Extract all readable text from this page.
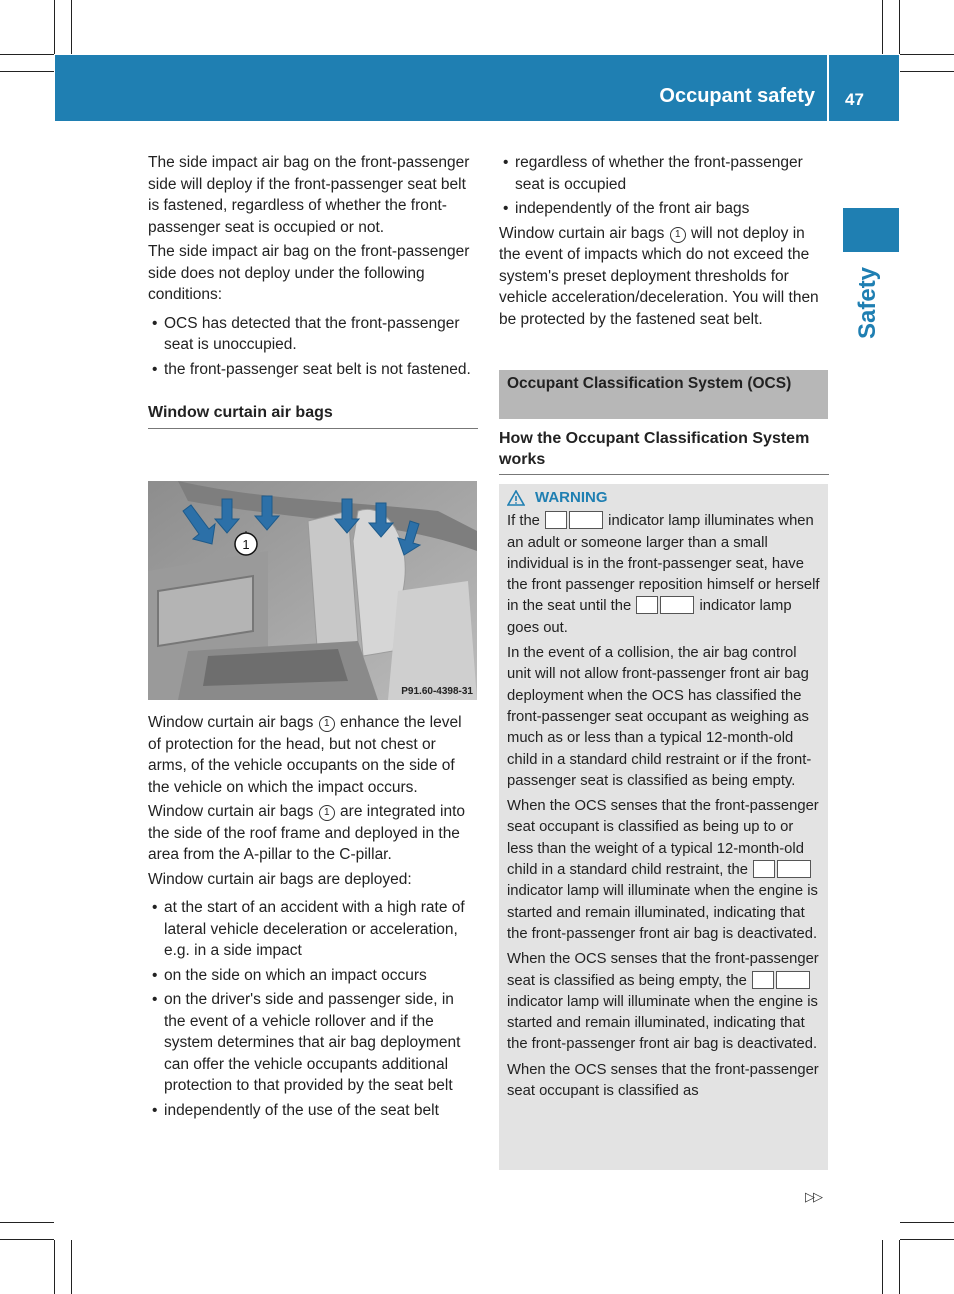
Occupant safety 47
Safety

The side impact air bag on the front-passenger side will deploy if the front-passenger seat belt is fastened, regardless of whether the front-passenger seat is occupied or not.

The side impact air bag on the front-passenger side does not deploy under the following conditions:

• OCS has detected that the front-passenger seat is unoccupied.
• the front-passenger seat belt is not fastened.
Window curtain air bags
1
P91.60-4398-31

Window curtain air bags 1 enhance the level of protection for the head, but not chest or arms, of the vehicle occupants on the side of the vehicle on which the impact occurs.

Window curtain air bags 1 are integrated into the side of the roof frame and deployed in the area from the A-pillar to the C-pillar.

Window curtain air bags are deployed:

• at the start of an accident with a high rate of lateral vehicle deceleration or acceleration, e.g. in a side impact
• on the side on which an impact occurs
• on the driver's side and passenger side, in the event of a vehicle rollover and if the system determines that air bag deployment can offer the vehicle occupants additional protection to that provided by the seat belt
• independently of the use of the seat belt
• regardless of whether the front-passenger seat is occupied
• independently of the front air bags

Window curtain air bags 1 will not deploy in the event of impacts which do not exceed the system's preset deployment thresholds for vehicle acceleration/deceleration. You will then be protected by the fastened seat belt.

Occupant Classification System (OCS)
How the Occupant Classification System works
WARNING

If the	indicator lamp illuminates when an adult or someone larger than a small individual is in the front-passenger seat, have the front passenger reposition himself or herself in the seat until the	indicator lamp goes out.

In the event of a collision, the air bag control unit will not allow front-passenger front air bag deployment when the OCS has classified the front-passenger seat occupant as weighing as much as or less than a typical 12-month-old child in a standard child restraint or if the front-passenger seat is classified as being empty.

When the OCS senses that the front-passenger seat occupant is classified as being up to or less than the weight of a typical 12-month-old child in a standard child restraint, the  indicator lamp will illuminate when the engine is started and remain illuminated, indicating that the front-passenger front air bag is deactivated.

When the OCS senses that the front-passenger seat is classified as being empty, the  indicator lamp will illuminate when the engine is started and remain illuminated, indicating that the front-passenger front air bag is deactivated.

When the OCS senses that the front-passenger seat occupant is classified as

▷▷
